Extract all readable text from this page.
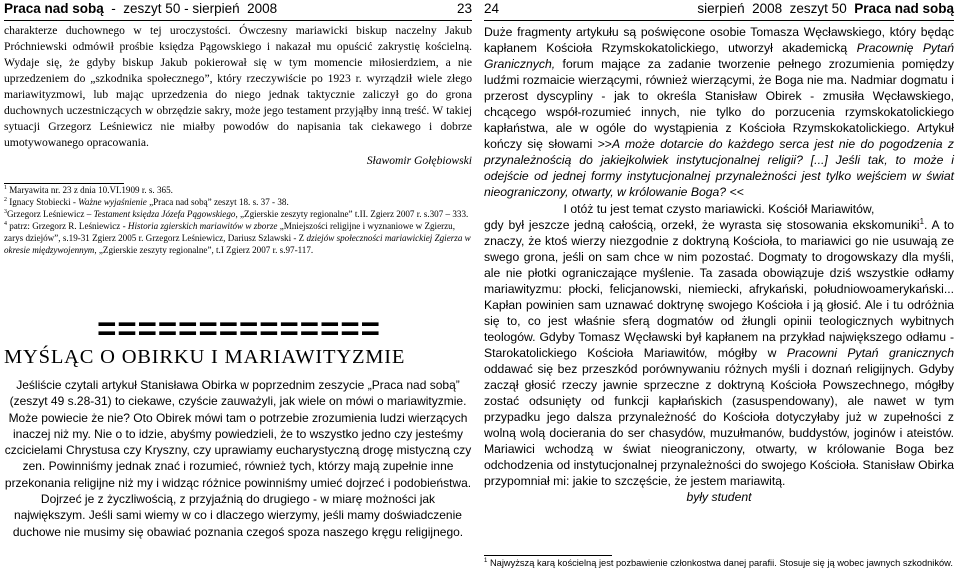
Praca nad sobą  -  zeszyt 50 - sierpień  2008	23

charakterze duchownego w tej uroczystości. Ówczesny mariawicki biskup naczelny Jakub Próchniewski odmówił prośbie księdza Pągowskiego i nakazał mu opuścić zakrystię kościelną. Wydaje się, że gdyby biskup Jakub pokierował się w tym momencie miłosierdziem, a nie uprzedzeniem do „szkodnika społecznego”, który rzeczywiście po 1923 r. wyrządził wiele złego mariawityzmowi, lub mając uprzedzenia do niego jednak taktycznie zaliczył go do grona duchownych uczestniczących w obrzędzie sakry, może jego testament przyjąłby inną treść. W takiej sytuacji Grzegorz Leśniewicz nie miałby powodów do napisania tak ciekawego i dobrze umotywowanego opracowania.

Sławomir Gołębiowski

$^1$ Maryawita nr. 23 z dnia 10.VI.1909 r. s. 365.

$^2$ Ignacy Stobiecki - Ważne wyjaśnienie „Praca nad sobą” zeszyt 18. s. 37 - 38.

$^3$Grzegorz Leśniewicz – Testament księdza Józefa Pągowskiego, „Zgierskie zeszyty regionalne” t.II. Zgierz 2007 r. s.307 – 333.

$^4$ patrz: Grzegorz R. Leśniewicz - Historia zgierskich mariawitów w zborze „Mniejszości religijne i wyznaniowe w Zgierzu, zarys dziejów”, s.19-31 Zgierz 2005 r. Grzegorz Leśniewicz, Dariusz Szlawski - Z dziejów społeczności mariawickiej Zgierza w okresie międzywojennym, „Zgierskie zeszyty regionalne”, t.I Zgierz 2007 r. s.97-117.

==============
MYŚLĄC O OBIRKU I MARIAWITYZMIE

Jeśliście czytali artykuł Stanisława Obirka w poprzednim zeszycie „Praca nad sobą” (zeszyt 49 s.28-31) to ciekawe, czyście zauważyli, jak wiele on mówi o mariawityzmie. Może powiecie że nie? Oto Obirek mówi tam o potrzebie zrozumienia ludzi wierzących inaczej niż my. Nie o to idzie, abyśmy powiedzieli, że to wszystko jedno czy jesteśmy czcicielami Chrystusa czy Kryszny, czy uprawiamy eucharystyczną drogę mistyczną czy zen. Powinniśmy jednak znać i rozumieć, również tych, którzy mają zupełnie inne przekonania religijne niż my i widząc różnice powinniśmy umieć dojrzeć i podobieństwa. Dojrzeć je z życzliwością, z przyjaźnią do drugiego - w miarę możności jak największym. Jeśli sami wiemy w co i dlaczego wierzymy, jeśli mamy doświadczenie duchowe nie musimy się obawiać poznania czegoś spoza naszego kręgu religijnego.

24	sierpień  2008  zeszyt 50  Praca nad sobą

Duże fragmenty artykułu są poświęcone osobie Tomasza Węcławskiego, który będąc kapłanem Kościoła Rzymskokatolickiego, utworzył akademicką Pracownię Pytań Granicznych, forum mające za zadanie tworzenie pełnego zrozumienia pomiędzy ludźmi rozmaicie wierzącymi, również wierzącymi, że Boga nie ma. Nadmiar dogmatu i przerost dyscypliny - jak to określa Stanisław Obirek - zmusiła Węcławskiego, chcącego współ-rozumieć innych, nie tylko do porzucenia rzymskokatolickiego kapłaństwa, ale w ogóle do wystąpienia z Kościoła Rzymskokatolickiego. Artykuł kończy się słowami >>A może dotarcie do każdego serca jest nie do pogodzenia z przynależnością do jakiejkolwiek instytucjonalnej religii? [...] Jeśli tak, to może i odejście od jednej formy instytucjonalnej przynależności jest tylko wejściem w świat nieograniczony, otwarty, w królowanie Boga? <<

I otóż tu jest temat czysto mariawicki. Kościół Mariawitów,

gdy był jeszcze jedną całością, orzekł, że wyrasta się stosowania ekskomuniki$^1$. A to znaczy, że ktoś wierzy niezgodnie z doktryną Kościoła, to mariawici go nie usuwają ze swego grona, jeśli on sam chce w nim pozostać. Dogmaty to drogowskazy dla myśli, ale nie płotki ograniczające myślenie. Ta zasada obowiązuje dziś wszystkie odłamy mariawityzmu: płocki, felicjanowski, niemiecki, afrykański, południowoamerykański... Kapłan powinien sam uznawać doktrynę swojego Kościoła i ją głosić. Ale i tu odróżnia się to, co jest właśnie sferą dogmatów od żłungli opinii teologicznych wybitnych teologów. Gdyby Tomasz Węcławski był kapłanem na przykład największego odłamu - Starokatolickiego Kościoła Mariawitów, mógłby w Pracowni Pytań granicznych oddawać się bez przeszkód porównywaniu różnych myśli i doznań religijnych. Gdyby zaczął głosić rzeczy jawnie sprzeczne z doktryną Kościoła Powszechnego, mógłby zostać odsunięty od funkcji kapłańskich (zasuspendowany), ale nawet w tym przypadku jego dalsza przynależność do Kościoła dotyczyłaby już w zupełności z wolną wolą docierania do ser chasydów, muzułmanów, buddystów, joginów i ateistów. Mariawici wchodzą w świat nieograniczony, otwarty, w królowanie Boga bez odchodzenia od instytucjonalnej przynależności do swojego Kościoła. Stanisław Obirka przypomniał mi: jakie to szczęście, że jestem mariawitą.

były student

$^1$ Najwyższą karą kościelną jest pozbawienie członkostwa danej parafii. Stosuje się ją wobec jawnych szkodników.
